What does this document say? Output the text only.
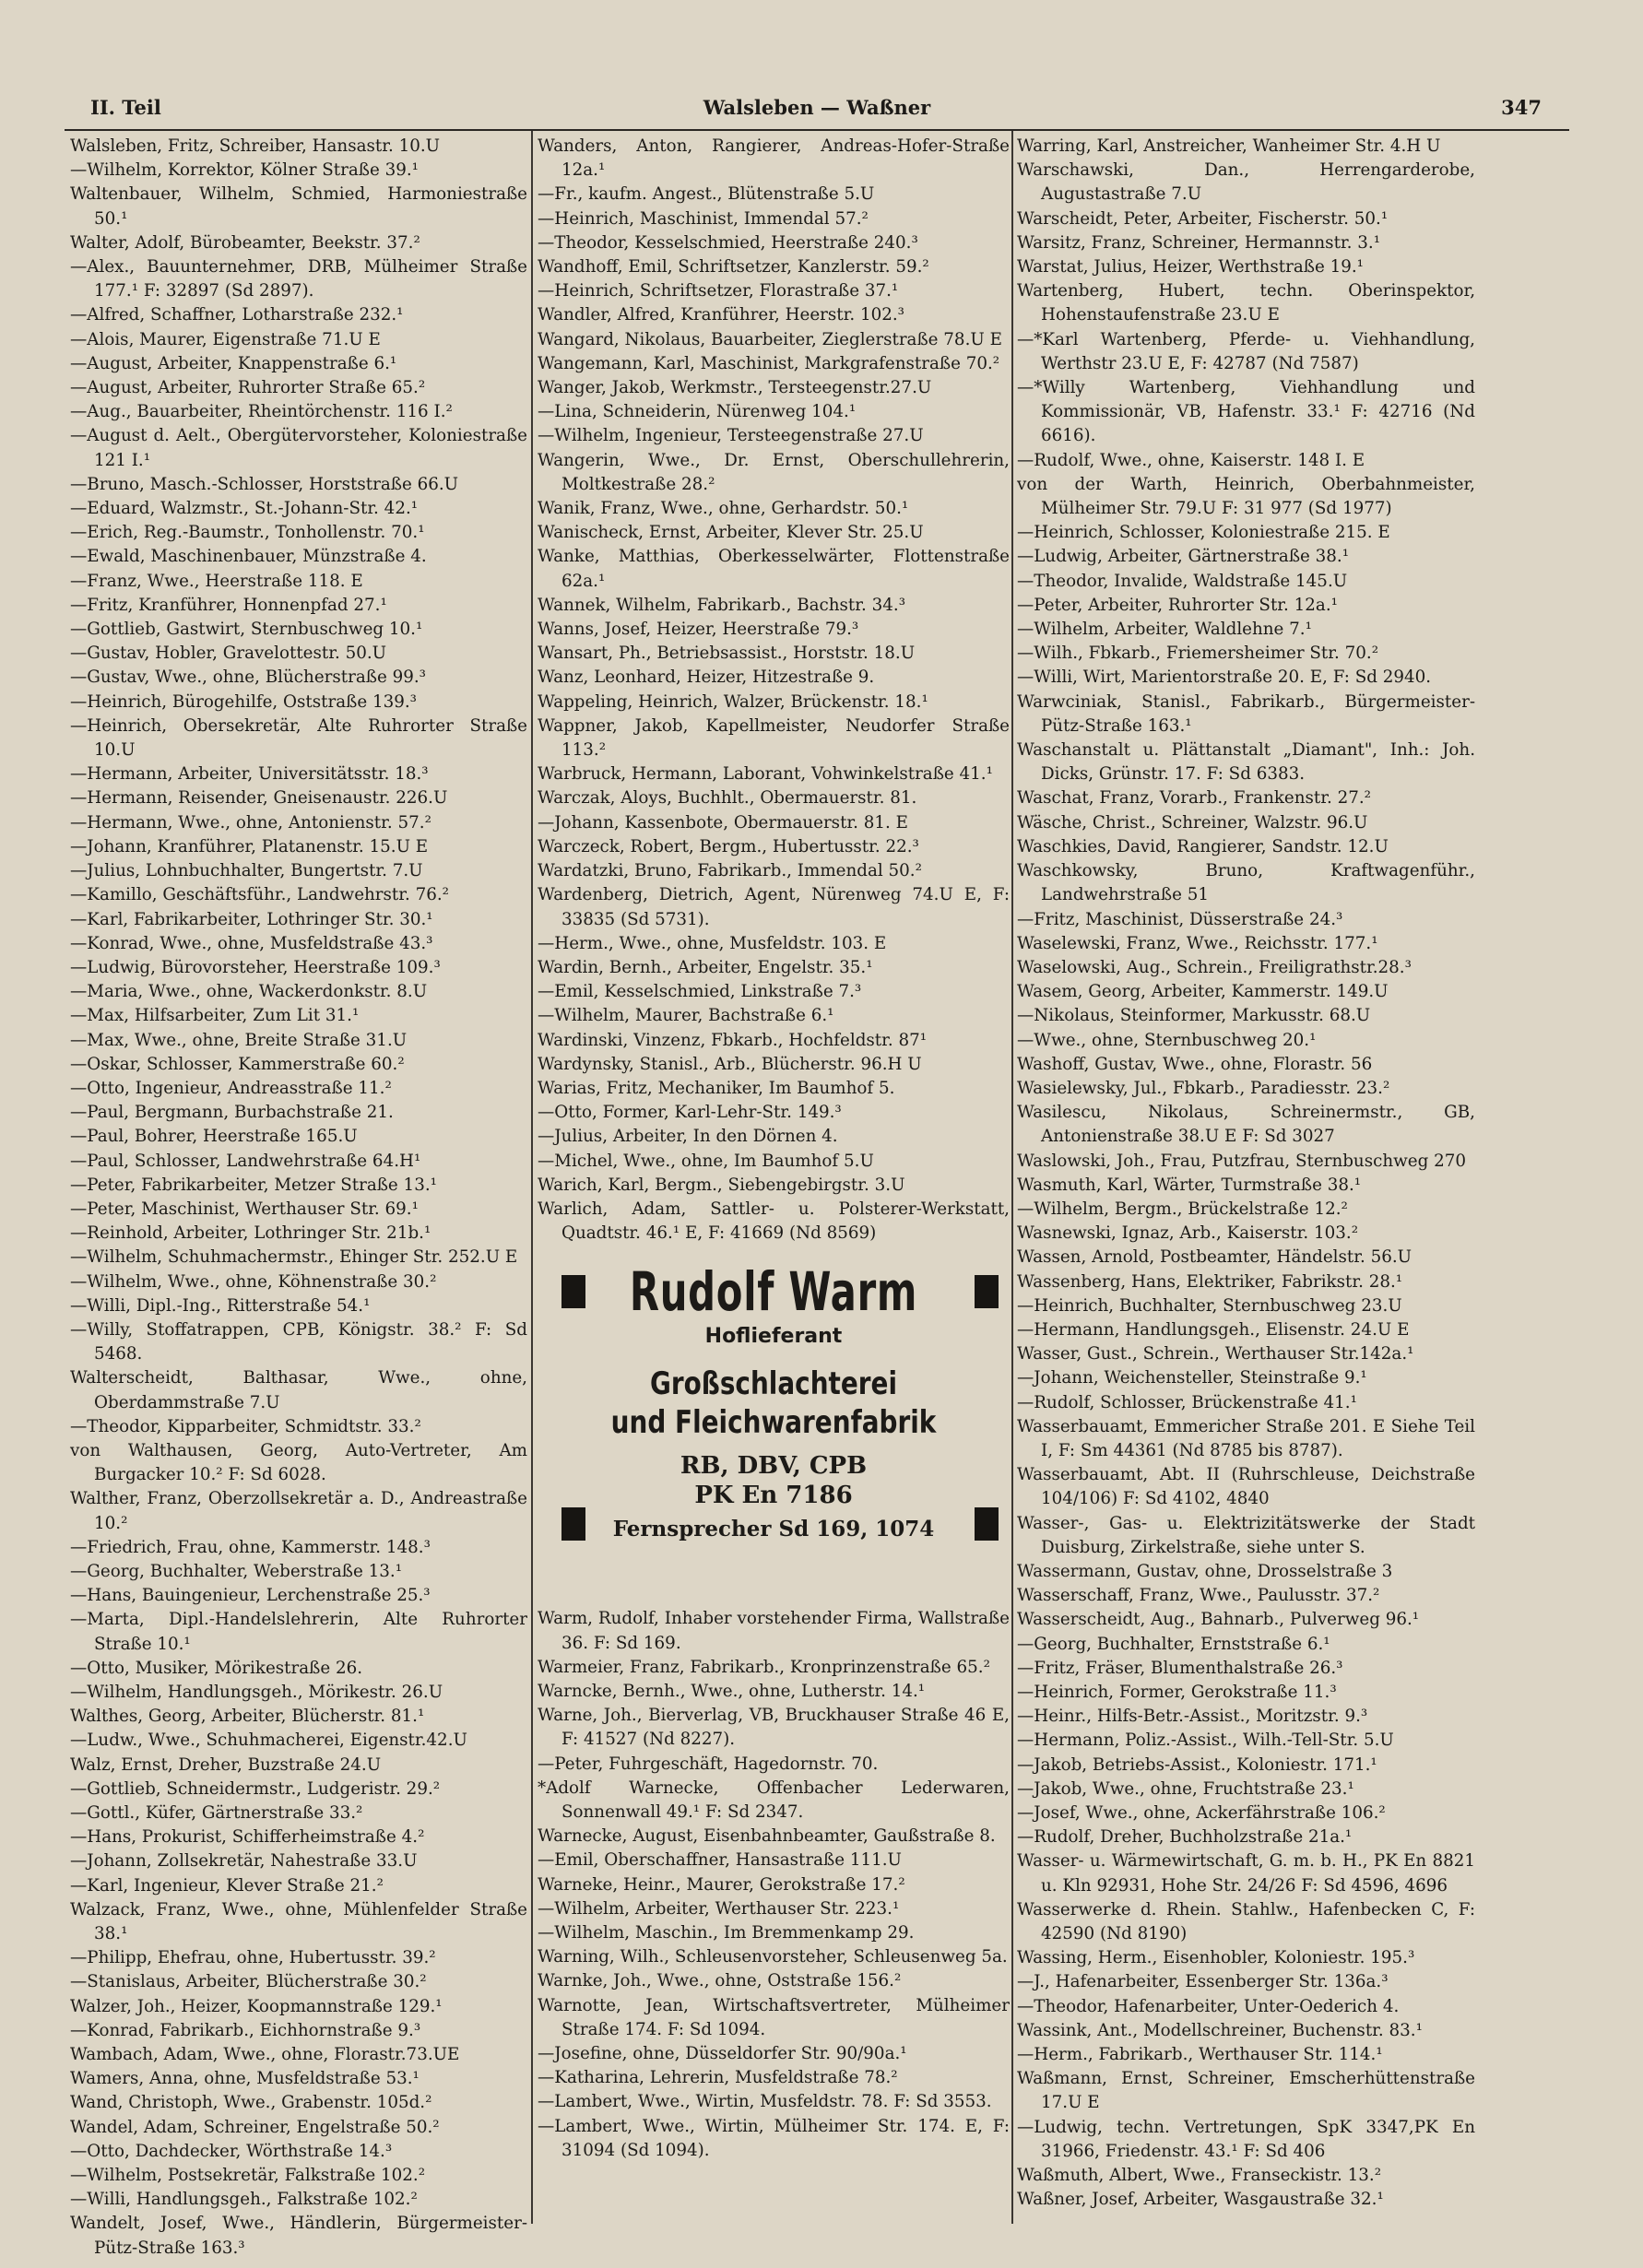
II. Teil	Walsleben — Waßner	347
Walsleben, Fritz, Schreiber, Hansastr. 10.U
—Wilhelm, Korrektor, Kölner Straße 39.¹
Waltenbauer, Wilhelm, Schmied, Harmoniestraße 50.¹
Walter, Adolf, Bürobeamter, Beekstr. 37.²
—Alex., Bauunternehmer, DRB, Mülheimer Straße 177.¹ F: 32897 (Sd 2897).
—Alfred, Schaffner, Lotharstraße 232.¹
—Alois, Maurer, Eigenstraße 71.U E
—August, Arbeiter, Knappenstraße 6.¹
—August, Arbeiter, Ruhrorter Straße 65.²
—Aug., Bauarbeiter, Rheintörchenstr. 116 I.²
—August d. Aelt., Obergütervorsteher, Koloniestraße 121 I.¹
—Bruno, Masch.-Schlosser, Horststraße 66.U
—Eduard, Walzmstr., St.-Johann-Str. 42.¹
—Erich, Reg.-Baumstr., Tonhollenstr. 70.¹
—Ewald, Maschinenbauer, Münzstraße 4.
—Franz, Wwe., Heerstraße 118. E
—Fritz, Kranführer, Honnenpfad 27.¹
—Gottlieb, Gastwirt, Sternbuschweg 10.¹
—Gustav, Hobler, Gravelottestr. 50.U
—Gustav, Wwe., ohne, Blücherstraße 99.³
—Heinrich, Bürogehilfe, Oststraße 139.³
—Heinrich, Obersekretär, Alte Ruhrorter Straße 10.U
—Hermann, Arbeiter, Universitätsstr. 18.³
—Hermann, Reisender, Gneisenaustr. 226.U
—Hermann, Wwe., ohne, Antonienstr. 57.²
—Johann, Kranführer, Platanenstr. 15.U E
—Julius, Lohnbuchhalter, Bungertstr. 7.U
—Kamillo, Geschäftsführ., Landwehrstr. 76.²
—Karl, Fabrikarbeiter, Lothringer Str. 30.¹
—Konrad, Wwe., ohne, Musfeldstraße 43.³
—Ludwig, Bürovorsteher, Heerstraße 109.³
—Maria, Wwe., ohne, Wackerdonkstr. 8.U
—Max, Hilfsarbeiter, Zum Lit 31.¹
—Max, Wwe., ohne, Breite Straße 31.U
—Oskar, Schlosser, Kammerstraße 60.²
—Otto, Ingenieur, Andreasstraße 11.²
—Paul, Bergmann, Burbachstraße 21.
—Paul, Bohrer, Heerstraße 165.U
—Paul, Schlosser, Landwehrstraße 64.H¹
—Peter, Fabrikarbeiter, Metzer Straße 13.¹
—Peter, Maschinist, Werthauser Str. 69.¹
—Reinhold, Arbeiter, Lothringer Str. 21b.¹
—Wilhelm, Schuhmachermstr., Ehinger Str. 252.U E
—Wilhelm, Wwe., ohne, Köhnenstraße 30.²
—Willi, Dipl.-Ing., Ritterstraße 54.¹
—Willy, Stoffatrappen, CPB, Königstr. 38.² F: Sd 5468.
Walterscheidt, Balthasar, Wwe., ohne, Oberdammstraße 7.U
—Theodor, Kipparbeiter, Schmidtstr. 33.²
von Walthausen, Georg, Auto-Vertreter, Am Burgacker 10.² F: Sd 6028.
Walther, Franz, Oberzollsekretär a. D., Andreastraße 10.²
—Friedrich, Frau, ohne, Kammerstr. 148.³
—Georg, Buchhalter, Weberstraße 13.¹
—Hans, Bauingenieur, Lerchenstraße 25.³
—Marta, Dipl.-Handelslehrerin, Alte Ruhrorter Straße 10.¹
—Otto, Musiker, Mörikestraße 26.
—Wilhelm, Handlungsgeh., Mörikestr. 26.U
Walthes, Georg, Arbeiter, Blücherstr. 81.¹
—Ludw., Wwe., Schuhmacherei, Eigenstr.42.U
Walz, Ernst, Dreher, Buzstraße 24.U
—Gottlieb, Schneidermstr., Ludgeristr. 29.²
—Gottl., Küfer, Gärtnerstraße 33.²
—Hans, Prokurist, Schifferheimstraße 4.²
—Johann, Zollsekretär, Nahestraße 33.U
—Karl, Ingenieur, Klever Straße 21.²
Walzack, Franz, Wwe., ohne, Mühlenfelder Straße 38.¹
—Philipp, Ehefrau, ohne, Hubertusstr. 39.²
—Stanislaus, Arbeiter, Blücherstraße 30.²
Walzer, Joh., Heizer, Koopmannstraße 129.¹
—Konrad, Fabrikarb., Eichhornstraße 9.³
Wambach, Adam, Wwe., ohne, Florastr.73.UE
Wamers, Anna, ohne, Musfeldstraße 53.¹
Wand, Christoph, Wwe., Grabenstr. 105d.²
Wandel, Adam, Schreiner, Engelstraße 50.²
—Otto, Dachdecker, Wörthstraße 14.³
—Wilhelm, Postsekretär, Falkstraße 102.²
—Willi, Handlungsgeh., Falkstraße 102.²
Wandelt, Josef, Wwe., Händlerin, Bürgermeister-Pütz-Straße 163.³
Wanders, Anton, Rangierer, Andreas-Hofer-Straße 12a.¹
—Fr., kaufm. Angest., Blütenstraße 5.U
—Heinrich, Maschinist, Immendal 57.²
—Theodor, Kesselschmied, Heerstraße 240.³
Wandhoff, Emil, Schriftsetzer, Kanzlerstr. 59.²
—Heinrich, Schriftsetzer, Florastraße 37.¹
Wandler, Alfred, Kranführer, Heerstr. 102.³
Wangard, Nikolaus, Bauarbeiter, Zieglerstraße 78.U E
Wangemann, Karl, Maschinist, Markgrafenstraße 70.²
Wanger, Jakob, Werkmstr., Tersteegenstr.27.U
—Lina, Schneiderin, Nürenweg 104.¹
—Wilhelm, Ingenieur, Tersteegenstraße 27.U
Wangerin, Wwe., Dr. Ernst, Oberschullehrerin, Moltkestraße 28.²
Wanik, Franz, Wwe., ohne, Gerhardstr. 50.¹
Wanischeck, Ernst, Arbeiter, Klever Str. 25.U
Wanke, Matthias, Oberkesselwärter, Flottenstraße 62a.¹
Wannek, Wilhelm, Fabrikarb., Bachstr. 34.³
Wanns, Josef, Heizer, Heerstraße 79.³
Wansart, Ph., Betriebsassist., Horststr. 18.U
Wanz, Leonhard, Heizer, Hitzestraße 9.
Wappeling, Heinrich, Walzer, Brückenstr. 18.¹
Wappner, Jakob, Kapellmeister, Neudorfer Straße 113.²
Warbruck, Hermann, Laborant, Vohwinkelstraße 41.¹
Warczak, Aloys, Buchhlt., Obermauerstr. 81.
—Johann, Kassenbote, Obermauerstr. 81. E
Warczeck, Robert, Bergm., Hubertusstr. 22.³
Wardatzki, Bruno, Fabrikarb., Immendal 50.²
Wardenberg, Dietrich, Agent, Nürenweg 74.U E, F: 33835 (Sd 5731).
—Herm., Wwe., ohne, Musfeldstr. 103. E
Wardin, Bernh., Arbeiter, Engelstr. 35.¹
—Emil, Kesselschmied, Linkstraße 7.³
—Wilhelm, Maurer, Bachstraße 6.¹
Wardinski, Vinzenz, Fbkarb., Hochfeldstr. 87¹
Wardynsky, Stanisl., Arb., Blücherstr. 96.H U
Warias, Fritz, Mechaniker, Im Baumhof 5.
—Otto, Former, Karl-Lehr-Str. 149.³
—Julius, Arbeiter, In den Dörnen 4.
—Michel, Wwe., ohne, Im Baumhof 5.U
Warich, Karl, Bergm., Siebengebirgstr. 3.U
Warlich, Adam, Sattler- u. Polsterer-Werkstatt, Quadtstr. 46.¹ E, F: 41669 (Nd 8569)
Rudolf Warm
Hoflieferant
Großschlachterei
und Fleichwarenfabrik
RB, DBV, CPB
PK En 7186
Fernsprecher Sd 169, 1074
Warm, Rudolf, Inhaber vorstehender Firma, Wallstraße 36. F: Sd 169.
Warmeier, Franz, Fabrikarb., Kronprinzenstraße 65.²
Warncke, Bernh., Wwe., ohne, Lutherstr. 14.¹
Warne, Joh., Bierverlag, VB, Bruckhauser Straße 46 E, F: 41527 (Nd 8227).
—Peter, Fuhrgeschäft, Hagedornstr. 70.
*Adolf Warnecke, Offenbacher Lederwaren, Sonnenwall 49.¹ F: Sd 2347.
Warnecke, August, Eisenbahnbeamter, Gaußstraße 8.
—Emil, Oberschaffner, Hansastraße 111.U
Warneke, Heinr., Maurer, Gerokstraße 17.²
—Wilhelm, Arbeiter, Werthauser Str. 223.¹
—Wilhelm, Maschin., Im Bremmenkamp 29.
Warning, Wilh., Schleusenvorsteher, Schleusenweg 5a.
Warnke, Joh., Wwe., ohne, Oststraße 156.²
Warnotte, Jean, Wirtschaftsvertreter, Mülheimer Straße 174. F: Sd 1094.
—Josefine, ohne, Düsseldorfer Str. 90/90a.¹
—Katharina, Lehrerin, Musfeldstraße 78.²
—Lambert, Wwe., Wirtin, Musfeldstr. 78. F: Sd 3553.
—Lambert, Wwe., Wirtin, Mülheimer Str. 174. E, F: 31094 (Sd 1094).
Warring, Karl, Anstreicher, Wanheimer Str. 4.H U
Warschawski, Dan., Herrengarderobe, Augustastraße 7.U
Warscheidt, Peter, Arbeiter, Fischerstr. 50.¹
Warsitz, Franz, Schreiner, Hermannstr. 3.¹
Warstat, Julius, Heizer, Werthstraße 19.¹
Wartenberg, Hubert, techn. Oberinspektor, Hohenstaufenstraße 23.U E
—*Karl Wartenberg, Pferde- u. Viehhandlung, Werthstr 23.U E, F: 42787 (Nd 7587)
—*Willy Wartenberg, Viehhandlung und Kommissionär, VB, Hafenstr. 33.¹ F: 42716 (Nd 6616).
—Rudolf, Wwe., ohne, Kaiserstr. 148 I. E
von der Warth, Heinrich, Oberbahnmeister, Mülheimer Str. 79.U F: 31 977 (Sd 1977)
—Heinrich, Schlosser, Koloniestraße 215. E
—Ludwig, Arbeiter, Gärtnerstraße 38.¹
—Theodor, Invalide, Waldstraße 145.U
—Peter, Arbeiter, Ruhrorter Str. 12a.¹
—Wilhelm, Arbeiter, Waldlehne 7.¹
—Wilh., Fbkarb., Friemersheimer Str. 70.²
—Willi, Wirt, Marientorstraße 20. E, F: Sd 2940.
Warwciniak, Stanisl., Fabrikarb., Bürgermeister-Pütz-Straße 163.¹
Waschanstalt u. Plättanstalt „Diamant", Inh.: Joh. Dicks, Grünstr. 17. F: Sd 6383.
Waschat, Franz, Vorarb., Frankenstr. 27.²
Wäsche, Christ., Schreiner, Walzstr. 96.U
Waschkies, David, Rangierer, Sandstr. 12.U
Waschkowsky, Bruno, Kraftwagenführ., Landwehrstraße 51
—Fritz, Maschinist, Düsserstraße 24.³
Waselewski, Franz, Wwe., Reichsstr. 177.¹
Waselowski, Aug., Schrein., Freiligrathstr.28.³
Wasem, Georg, Arbeiter, Kammerstr. 149.U
—Nikolaus, Steinformer, Markusstr. 68.U
—Wwe., ohne, Sternbuschweg 20.¹
Washoff, Gustav, Wwe., ohne, Florastr. 56
Wasielewsky, Jul., Fbkarb., Paradiesstr. 23.²
Wasilescu, Nikolaus, Schreinermstr., GB, Antonienstraße 38.U E F: Sd 3027
Waslowski, Joh., Frau, Putzfrau, Sternbuschweg 270
Wasmuth, Karl, Wärter, Turmstraße 38.¹
—Wilhelm, Bergm., Brückelstraße 12.²
Wasnewski, Ignaz, Arb., Kaiserstr. 103.²
Wassen, Arnold, Postbeamter, Händelstr. 56.U
Wassenberg, Hans, Elektriker, Fabrikstr. 28.¹
—Heinrich, Buchhalter, Sternbuschweg 23.U
—Hermann, Handlungsgeh., Elisenstr. 24.U E
Wasser, Gust., Schrein., Werthauser Str.142a.¹
—Johann, Weichensteller, Steinstraße 9.¹
—Rudolf, Schlosser, Brückenstraße 41.¹
Wasserbauamt, Emmericher Straße 201. E Siehe Teil I, F: Sm 44361 (Nd 8785 bis 8787).
Wasserbauamt, Abt. II (Ruhrschleuse, Deichstraße 104/106) F: Sd 4102, 4840
Wasser-, Gas- u. Elektrizitätswerke der Stadt Duisburg, Zirkelstraße, siehe unter S.
Wassermann, Gustav, ohne, Drosselstraße 3
Wasserschaff, Franz, Wwe., Paulusstr. 37.²
Wasserscheidt, Aug., Bahnarb., Pulverweg 96.¹
—Georg, Buchhalter, Ernststraße 6.¹
—Fritz, Fräser, Blumenthalstraße 26.³
—Heinrich, Former, Gerokstraße 11.³
—Heinr., Hilfs-Betr.-Assist., Moritzstr. 9.³
—Hermann, Poliz.-Assist., Wilh.-Tell-Str. 5.U
—Jakob, Betriebs-Assist., Koloniestr. 171.¹
—Jakob, Wwe., ohne, Fruchtstraße 23.¹
—Josef, Wwe., ohne, Ackerfährstraße 106.²
—Rudolf, Dreher, Buchholzstraße 21a.¹
Wasser- u. Wärmewirtschaft, G. m. b. H., PK En 8821 u. Kln 92931, Hohe Str. 24/26 F: Sd 4596, 4696
Wasserwerke d. Rhein. Stahlw., Hafenbecken C, F: 42590 (Nd 8190)
Wassing, Herm., Eisenhobler, Koloniestr. 195.³
—J., Hafenarbeiter, Essenberger Str. 136a.³
—Theodor, Hafenarbeiter, Unter-Oederich 4.
Wassink, Ant., Modellschreiner, Buchenstr. 83.¹
—Herm., Fabrikarb., Werthauser Str. 114.¹
Waßmann, Ernst, Schreiner, Emscherhüttenstraße 17.U E
—Ludwig, techn. Vertretungen, SpK 3347,PK En 31966, Friedenstr. 43.¹ F: Sd 406
Waßmuth, Albert, Wwe., Franseckistr. 13.²
Waßner, Josef, Arbeiter, Wasgaustraße 32.¹
